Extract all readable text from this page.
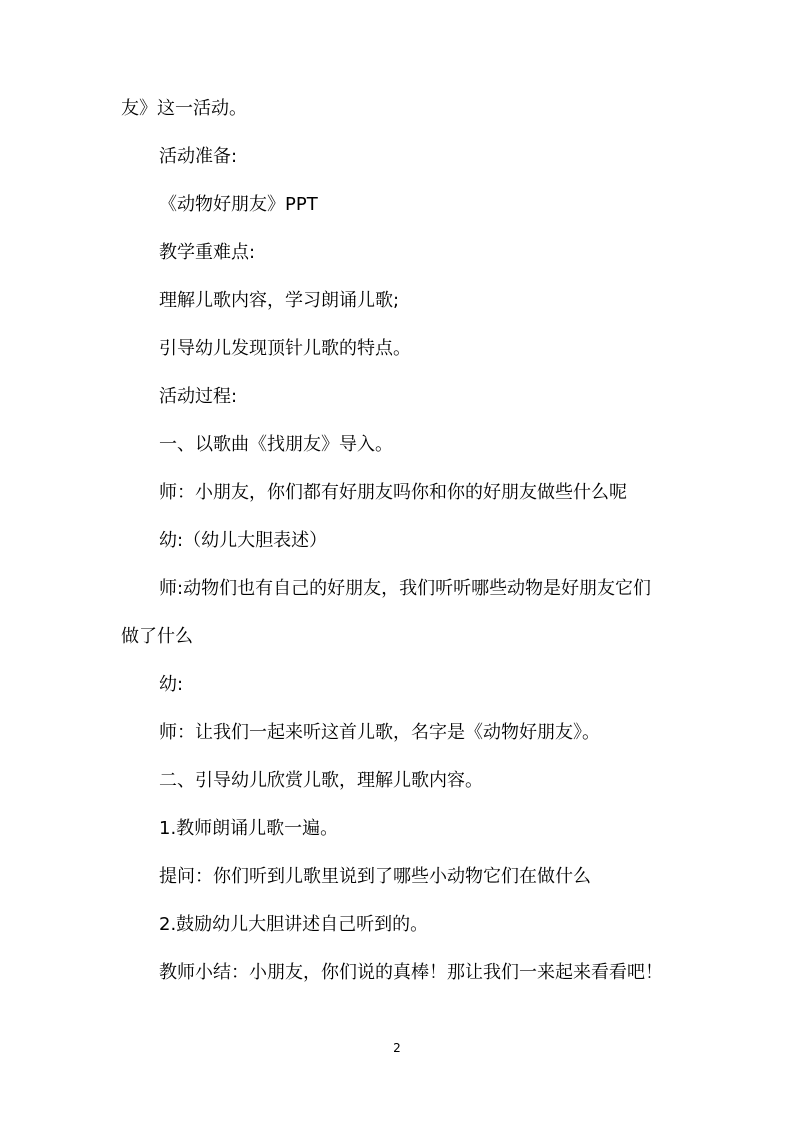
友》这一活动。
活动准备:
《动物好朋友》PPT
教学重难点:
理解儿歌内容，学习朗诵儿歌;
引导幼儿发现顶针儿歌的特点。
活动过程:
一、以歌曲《找朋友》导入。
师：小朋友，你们都有好朋友吗你和你的好朋友做些什么呢
幼:（幼儿大胆表述）
师:动物们也有自己的好朋友，我们听听哪些动物是好朋友它们
做了什么
幼:
师：让我们一起来听这首儿歌，名字是《动物好朋友》。
二、引导幼儿欣赏儿歌，理解儿歌内容。
1.教师朗诵儿歌一遍。
提问：你们听到儿歌里说到了哪些小动物它们在做什么
2.鼓励幼儿大胆讲述自己听到的。
教师小结：小朋友，你们说的真棒！那让我们一来起来看看吧！
2
